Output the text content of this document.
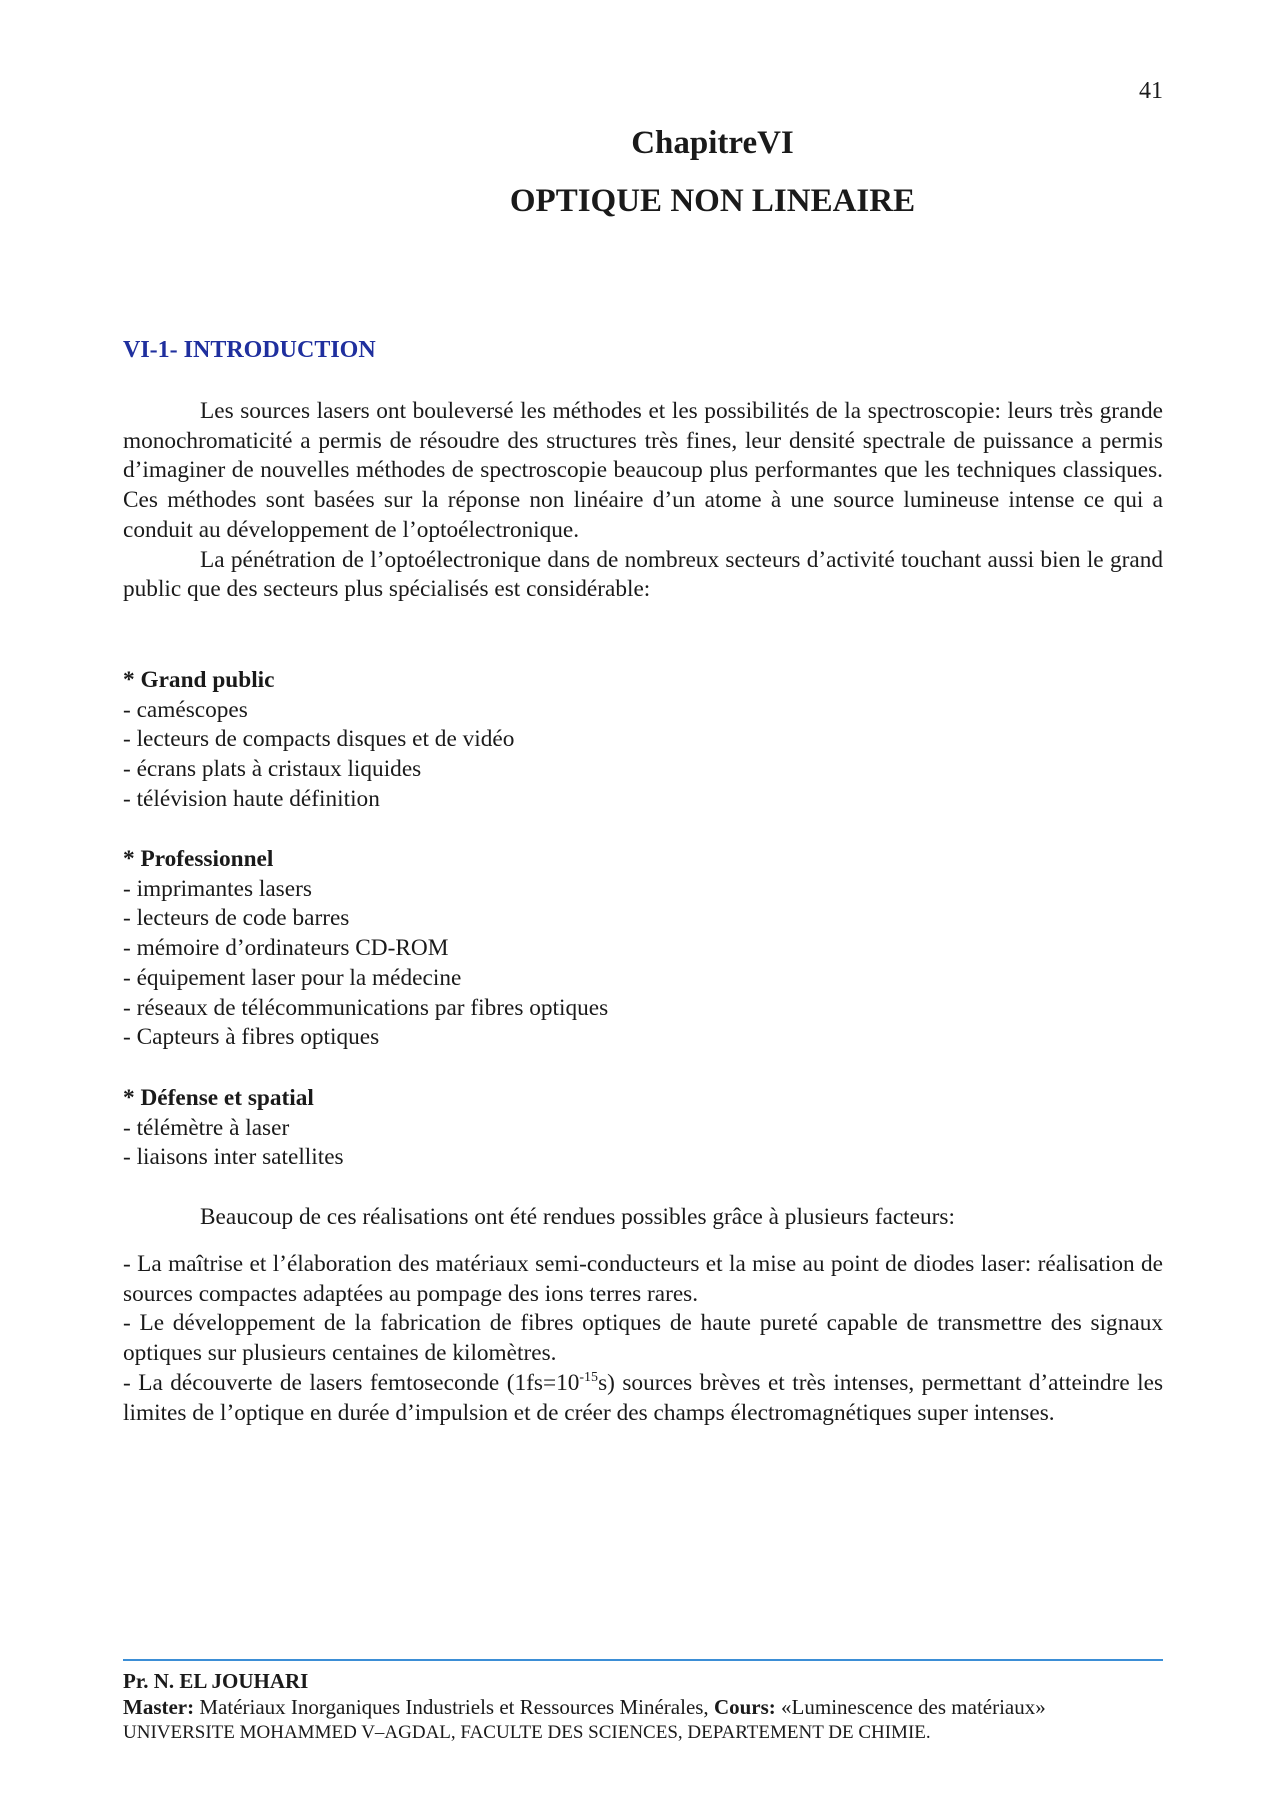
41
ChapitreVI
OPTIQUE NON LINEAIRE
VI-1- INTRODUCTION

Les sources lasers ont bouleversé les méthodes et les possibilités de la spectroscopie: leurs très grande monochromaticité a permis de résoudre des structures très fines, leur densité spectrale de puissance a permis d’imaginer de nouvelles méthodes de spectroscopie beaucoup plus performantes que les techniques classiques. Ces méthodes sont basées sur la réponse non linéaire d’un atome à une source lumineuse intense ce qui a conduit au développement de l’optoélectronique.

La pénétration de l’optoélectronique dans de nombreux secteurs d’activité touchant aussi bien le grand public que des secteurs plus spécialisés est considérable:

* Grand public

- caméscopes

- lecteurs de compacts disques et de vidéo

- écrans plats à cristaux liquides

- télévision haute définition

* Professionnel

- imprimantes lasers

- lecteurs de code barres

- mémoire d’ordinateurs CD-ROM

- équipement laser pour la médecine

- réseaux de télécommunications par fibres optiques

- Capteurs à fibres optiques

* Défense et spatial

- télémètre à laser

- liaisons inter satellites

Beaucoup de ces réalisations ont été rendues possibles grâce à plusieurs facteurs:

- La maîtrise et l’élaboration des matériaux semi-conducteurs et la mise au point de diodes laser: réalisation de sources compactes adaptées au pompage des ions terres rares.

- Le développement de la fabrication de fibres optiques de haute pureté capable de transmettre des signaux optiques sur plusieurs centaines de kilomètres.

- La découverte de lasers femtoseconde $(1fs=10^{-15}s)$ sources brèves et très intenses, permettant d’atteindre les limites de l’optique en durée d’impulsion et de créer des champs électromagnétiques super intenses.

Pr. N. EL JOUHARI
Master: Matériaux Inorganiques Industriels et Ressources Minérales, Cours: «Luminescence des matériaux»
UNIVERSITE MOHAMMED V–AGDAL, FACULTE DES SCIENCES, DEPARTEMENT DE CHIMIE.
